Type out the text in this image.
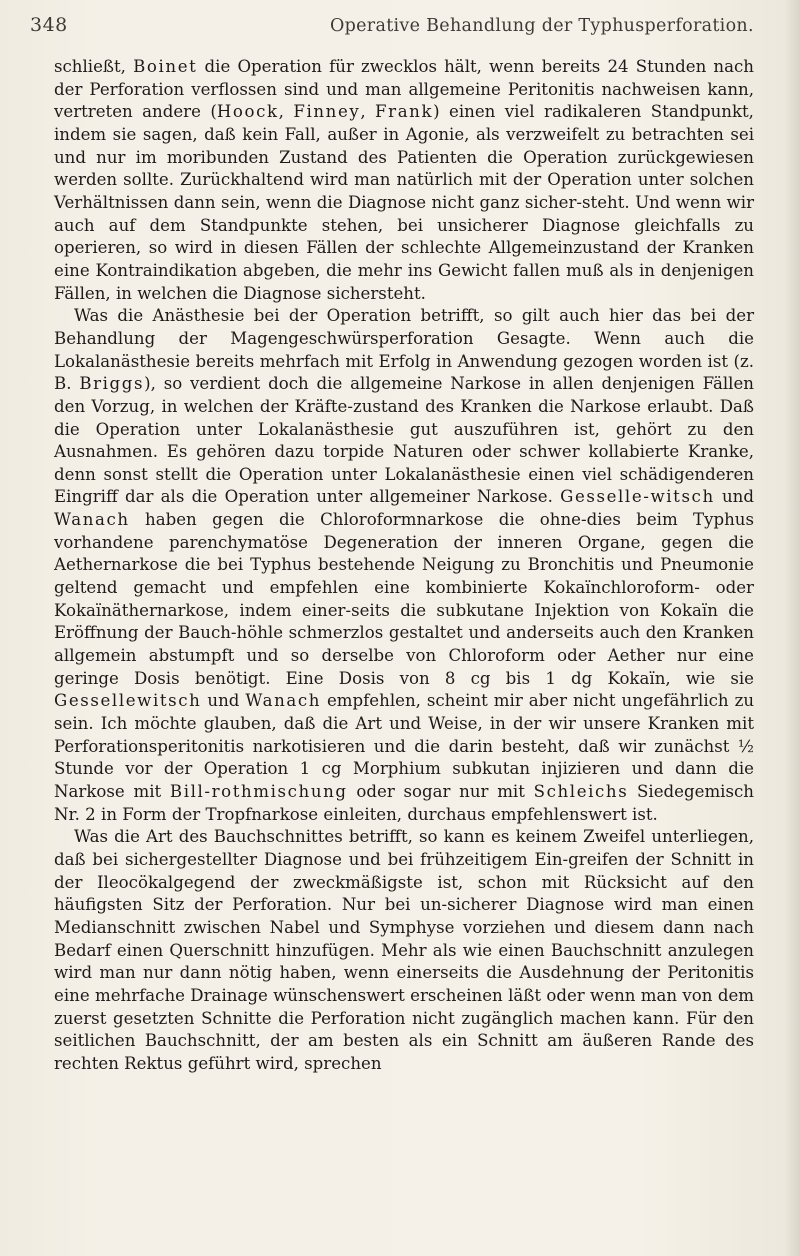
348	Operative Behandlung der Typhusperforation.

schließt, Boinet die Operation für zwecklos hält, wenn bereits 24 Stunden nach der Perforation verflossen sind und man allgemeine Peritonitis nachweisen kann, vertreten andere (Hoock, Finney, Frank) einen viel radikaleren Standpunkt, indem sie sagen, daß kein Fall, außer in Agonie, als verzweifelt zu betrachten sei und nur im moribunden Zustand des Patienten die Operation zurückgewiesen werden sollte. Zurückhaltend wird man natürlich mit der Operation unter solchen Verhältnissen dann sein, wenn die Diagnose nicht ganz sicher-steht. Und wenn wir auch auf dem Standpunkte stehen, bei unsicherer Diagnose gleichfalls zu operieren, so wird in diesen Fällen der schlechte Allgemeinzustand der Kranken eine Kontraindikation abgeben, die mehr ins Gewicht fallen muß als in denjenigen Fällen, in welchen die Diagnose sichersteht.

Was die Anästhesie bei der Operation betrifft, so gilt auch hier das bei der Behandlung der Magengeschwürsperforation Gesagte. Wenn auch die Lokalanästhesie bereits mehrfach mit Erfolg in Anwendung gezogen worden ist (z. B. Briggs), so verdient doch die allgemeine Narkose in allen denjenigen Fällen den Vorzug, in welchen der Kräfte-zustand des Kranken die Narkose erlaubt. Daß die Operation unter Lokalanästhesie gut auszuführen ist, gehört zu den Ausnahmen. Es gehören dazu torpide Naturen oder schwer kollabierte Kranke, denn sonst stellt die Operation unter Lokalanästhesie einen viel schädigenderen Eingriff dar als die Operation unter allgemeiner Narkose. Gesselle-witsch und Wanach haben gegen die Chloroformnarkose die ohne-dies beim Typhus vorhandene parenchymatöse Degeneration der inneren Organe, gegen die Aethernarkose die bei Typhus bestehende Neigung zu Bronchitis und Pneumonie geltend gemacht und empfehlen eine kombinierte Kokaïnchloroform- oder Kokaïnäthernarkose, indem einer-seits die subkutane Injektion von Kokaïn die Eröffnung der Bauch-höhle schmerzlos gestaltet und anderseits auch den Kranken allgemein abstumpft und so derselbe von Chloroform oder Aether nur eine geringe Dosis benötigt. Eine Dosis von 8 cg bis 1 dg Kokaïn, wie sie Gessellewitsch und Wanach empfehlen, scheint mir aber nicht ungefährlich zu sein. Ich möchte glauben, daß die Art und Weise, in der wir unsere Kranken mit Perforationsperitonitis narkotisieren und die darin besteht, daß wir zunächst ½ Stunde vor der Operation 1 cg Morphium subkutan injizieren und dann die Narkose mit Bill-rothmischung oder sogar nur mit Schleichs Siedegemisch Nr. 2 in Form der Tropfnarkose einleiten, durchaus empfehlenswert ist.

Was die Art des Bauchschnittes betrifft, so kann es keinem Zweifel unterliegen, daß bei sichergestellter Diagnose und bei frühzeitigem Ein-greifen der Schnitt in der Ileocökalgegend der zweckmäßigste ist, schon mit Rücksicht auf den häufigsten Sitz der Perforation. Nur bei un-sicherer Diagnose wird man einen Medianschnitt zwischen Nabel und Symphyse vorziehen und diesem dann nach Bedarf einen Querschnitt hinzufügen. Mehr als wie einen Bauchschnitt anzulegen wird man nur dann nötig haben, wenn einerseits die Ausdehnung der Peritonitis eine mehrfache Drainage wünschenswert erscheinen läßt oder wenn man von dem zuerst gesetzten Schnitte die Perforation nicht zugänglich machen kann. Für den seitlichen Bauchschnitt, der am besten als ein Schnitt am äußeren Rande des rechten Rektus geführt wird, sprechen
